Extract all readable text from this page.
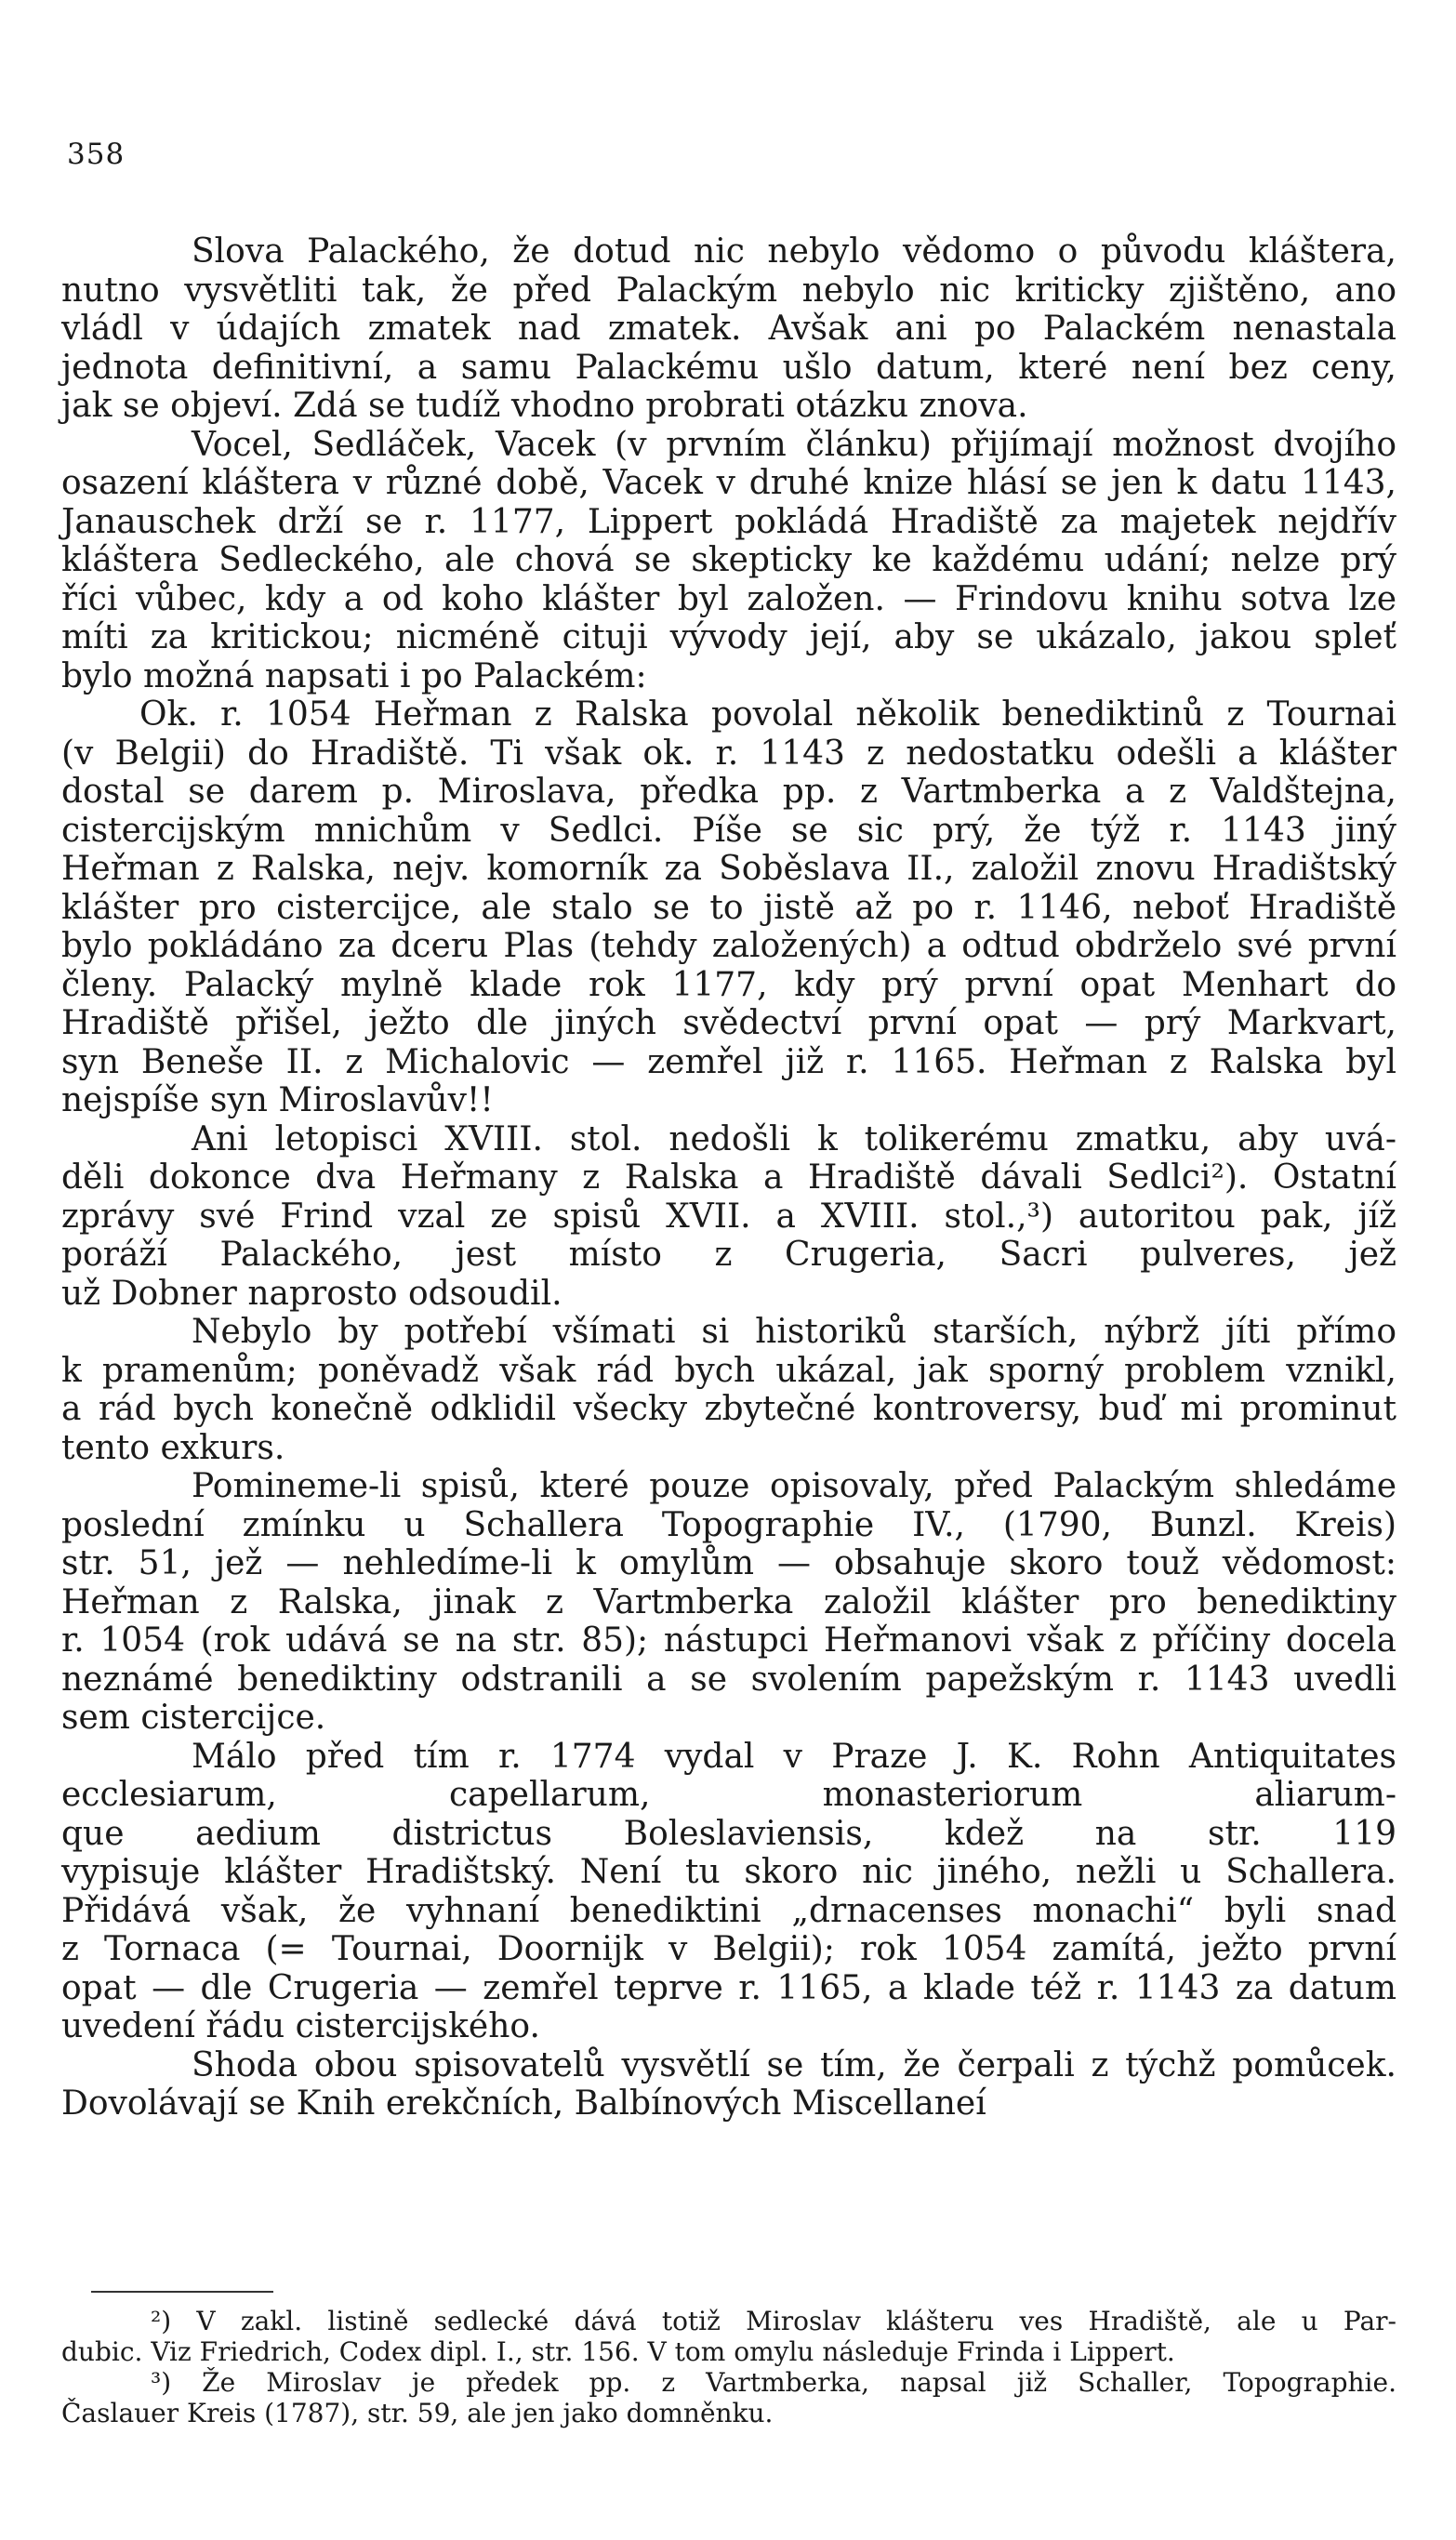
358
Slova Palackého, že dotud nic nebylo vědomo o původu kláštera,
nutno vysvětliti tak, že před Palackým nebylo nic kriticky zjištěno, ano
vládl v údajích zmatek nad zmatek. Avšak ani po Palackém nenastala
jednota definitivní, a samu Palackému ušlo datum, které není bez ceny,
jak se objeví. Zdá se tudíž vhodno probrati otázku znova.
Vocel, Sedláček, Vacek (v prvním článku) přijímají možnost dvojího
osazení kláštera v různé době, Vacek v druhé knize hlásí se jen k datu 1143,
Janauschek drží se r. 1177, Lippert pokládá Hradiště za majetek nejdřív
kláštera Sedleckého, ale chová se skepticky ke každému udání; nelze prý
říci vůbec, kdy a od koho klášter byl založen. — Frindovu knihu sotva lze
míti za kritickou; nicméně cituji vývody její, aby se ukázalo, jakou spleť
bylo možná napsati i po Palackém:
Ok. r. 1054 Heřman z Ralska povolal několik benediktinů z Tournai
(v Belgii) do Hradiště. Ti však ok. r. 1143 z nedostatku odešli a klášter
dostal se darem p. Miroslava, předka pp. z Vartmberka a z Valdštejna,
cistercijským mnichům v Sedlci. Píše se sic prý, že týž r. 1143 jiný
Heřman z Ralska, nejv. komorník za Soběslava II., založil znovu Hradištský
klášter pro cistercijce, ale stalo se to jistě až po r. 1146, neboť Hradiště
bylo pokládáno za dceru Plas (tehdy založených) a odtud obdrželo své první
členy. Palacký mylně klade rok 1177, kdy prý první opat Menhart do
Hradiště přišel, ježto dle jiných svědectví první opat — prý Markvart,
syn Beneše II. z Michalovic — zemřel již r. 1165. Heřman z Ralska byl
nejspíše syn Miroslavův!!
Ani letopisci XVIII. stol. nedošli k tolikerému zmatku, aby uvá-
děli dokonce dva Heřmany z Ralska a Hradiště dávali Sedlci²). Ostatní
zprávy své Frind vzal ze spisů XVII. a XVIII. stol.,³) autoritou pak, jíž
poráží Palackého, jest místo z Crugeria, Sacri pulveres, jež
už Dobner naprosto odsoudil.
Nebylo by potřebí všímati si historiků starších, nýbrž jíti přímo
k pramenům; poněvadž však rád bych ukázal, jak sporný problem vznikl,
a rád bych konečně odklidil všecky zbytečné kontroversy, buď mi prominut
tento exkurs.
Pomineme-li spisů, které pouze opisovaly, před Palackým shledáme
poslední zmínku u Schallera Topographie IV., (1790, Bunzl. Kreis)
str. 51, jež — nehledíme-li k omylům — obsahuje skoro touž vědomost:
Heřman z Ralska, jinak z Vartmberka založil klášter pro benediktiny
r. 1054 (rok udává se na str. 85); nástupci Heřmanovi však z příčiny docela
neznámé benediktiny odstranili a se svolením papežským r. 1143 uvedli
sem cistercijce.
Málo před tím r. 1774 vydal v Praze J. K. Rohn Antiquitates
ecclesiarum, capellarum, monasteriorum aliarum-
que aedium districtus Boleslaviensis, kdež na str. 119
vypisuje klášter Hradištský. Není tu skoro nic jiného, nežli u Schallera.
Přidává však, že vyhnaní benediktini „drnacenses monachi“ byli snad
z Tornaca (= Tournai, Doornijk v Belgii); rok 1054 zamítá, ježto první
opat — dle Crugeria — zemřel teprve r. 1165, a klade též r. 1143 za datum
uvedení řádu cistercijského.
Shoda obou spisovatelů vysvětlí se tím, že čerpali z týchž pomůcek.
Dovolávají se Knih erekčních, Balbínových Miscellaneí
²) V zakl. listině sedlecké dává totiž Miroslav klášteru ves Hradiště, ale u Par-
dubic. Viz Friedrich, Codex dipl. I., str. 156. V tom omylu následuje Frinda i Lippert.
³) Že Miroslav je předek pp. z Vartmberka, napsal již Schaller, Topographie.
Časlauer Kreis (1787), str. 59, ale jen jako domněnku.
